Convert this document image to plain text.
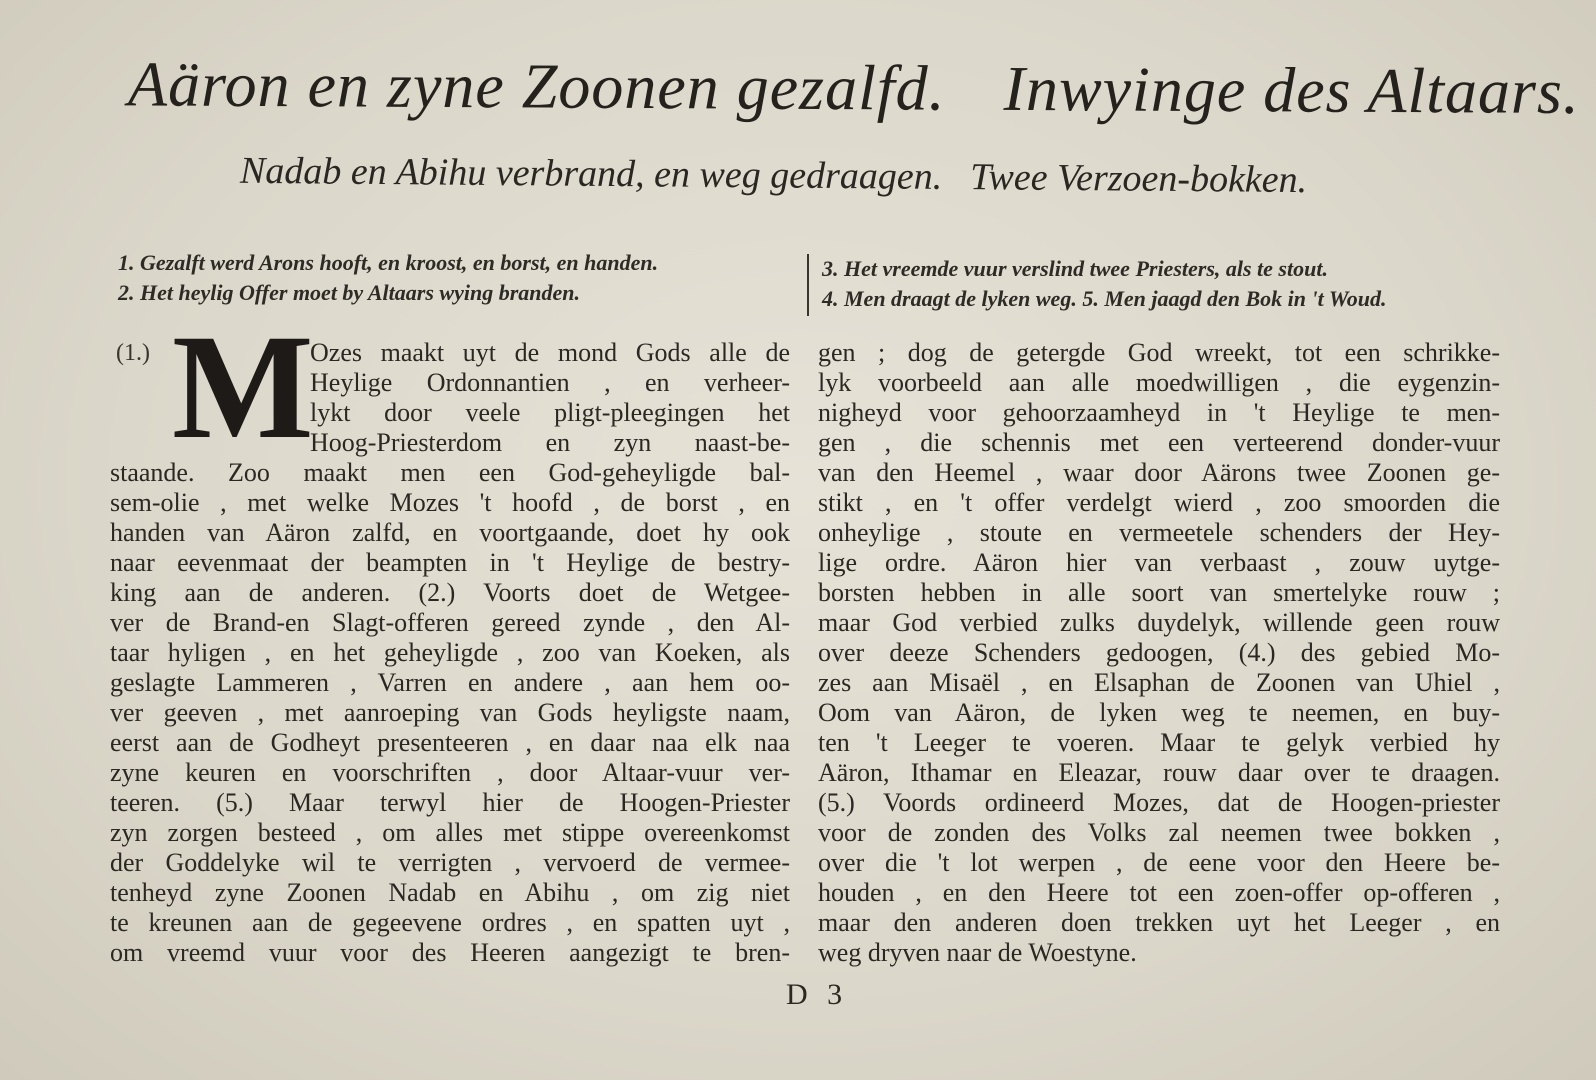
Aäron en zyne Zoonen gezalfd. Inwyinge des Altaars.
Nadab en Abihu verbrand, en weg gedraagen. Twee Verzoen-bokken.
1. Gezalft werd Arons hooft, en kroost, en borst, en handen.
2. Het heylig Offer moet by Altaars wying branden.
3. Het vreemde vuur verslind twee Priesters, als te stout.
4. Men draagt de lyken weg. 5. Men jaagd den Bok in 't Woud.
(1.) M
Ozes maakt uyt de mond Gods alle de
Heylige Ordonnantien , en verheer-
lykt door veele pligt-pleegingen het
Hoog-Priesterdom en zyn naast-be-
staande. Zoo maakt men een God-geheyligde bal-
sem-olie , met welke Mozes 't hoofd , de borst , en
handen van Aäron zalfd, en voortgaande, doet hy ook
naar eevenmaat der beampten in 't Heylige de bestry-
king aan de anderen. (2.) Voorts doet de Wetgee-
ver de Brand-en Slagt-offeren gereed zynde , den Al-
taar hyligen , en het geheyligde , zoo van Koeken, als
geslagte Lammeren , Varren en andere , aan hem oo-
ver geeven , met aanroeping van Gods heyligste naam,
eerst aan de Godheyt presenteeren , en daar naa elk naa
zyne keuren en voorschriften , door Altaar-vuur ver-
teeren. (5.) Maar terwyl hier de Hoogen-Priester
zyn zorgen besteed , om alles met stippe overeenkomst
der Goddelyke wil te verrigten , vervoerd de vermee-
tenheyd zyne Zoonen Nadab en Abihu , om zig niet
te kreunen aan de gegeevene ordres , en spatten uyt ,
om vreemd vuur voor des Heeren aangezigt te bren-
gen ; dog de getergde God wreekt, tot een schrikke-
lyk voorbeeld aan alle moedwilligen , die eygenzin-
nigheyd voor gehoorzaamheyd in 't Heylige te men-
gen , die schennis met een verteerend donder-vuur
van den Heemel , waar door Aärons twee Zoonen ge-
stikt , en 't offer verdelgt wierd , zoo smoorden die
onheylige , stoute en vermeetele schenders der Hey-
lige ordre. Aäron hier van verbaast , zouw uytge-
borsten hebben in alle soort van smertelyke rouw ;
maar God verbied zulks duydelyk, willende geen rouw
over deeze Schenders gedoogen, (4.) des gebied Mo-
zes aan Misaël , en Elsaphan de Zoonen van Uhiel ,
Oom van Aäron, de lyken weg te neemen, en buy-
ten 't Leeger te voeren. Maar te gelyk verbied hy
Aäron, Ithamar en Eleazar, rouw daar over te draagen.
(5.) Voords ordineerd Mozes, dat de Hoogen-priester
voor de zonden des Volks zal neemen twee bokken ,
over die 't lot werpen , de eene voor den Heere be-
houden , en den Heere tot een zoen-offer op-offeren ,
maar den anderen doen trekken uyt het Leeger , en
weg dryven naar de Woestyne.
D 3
